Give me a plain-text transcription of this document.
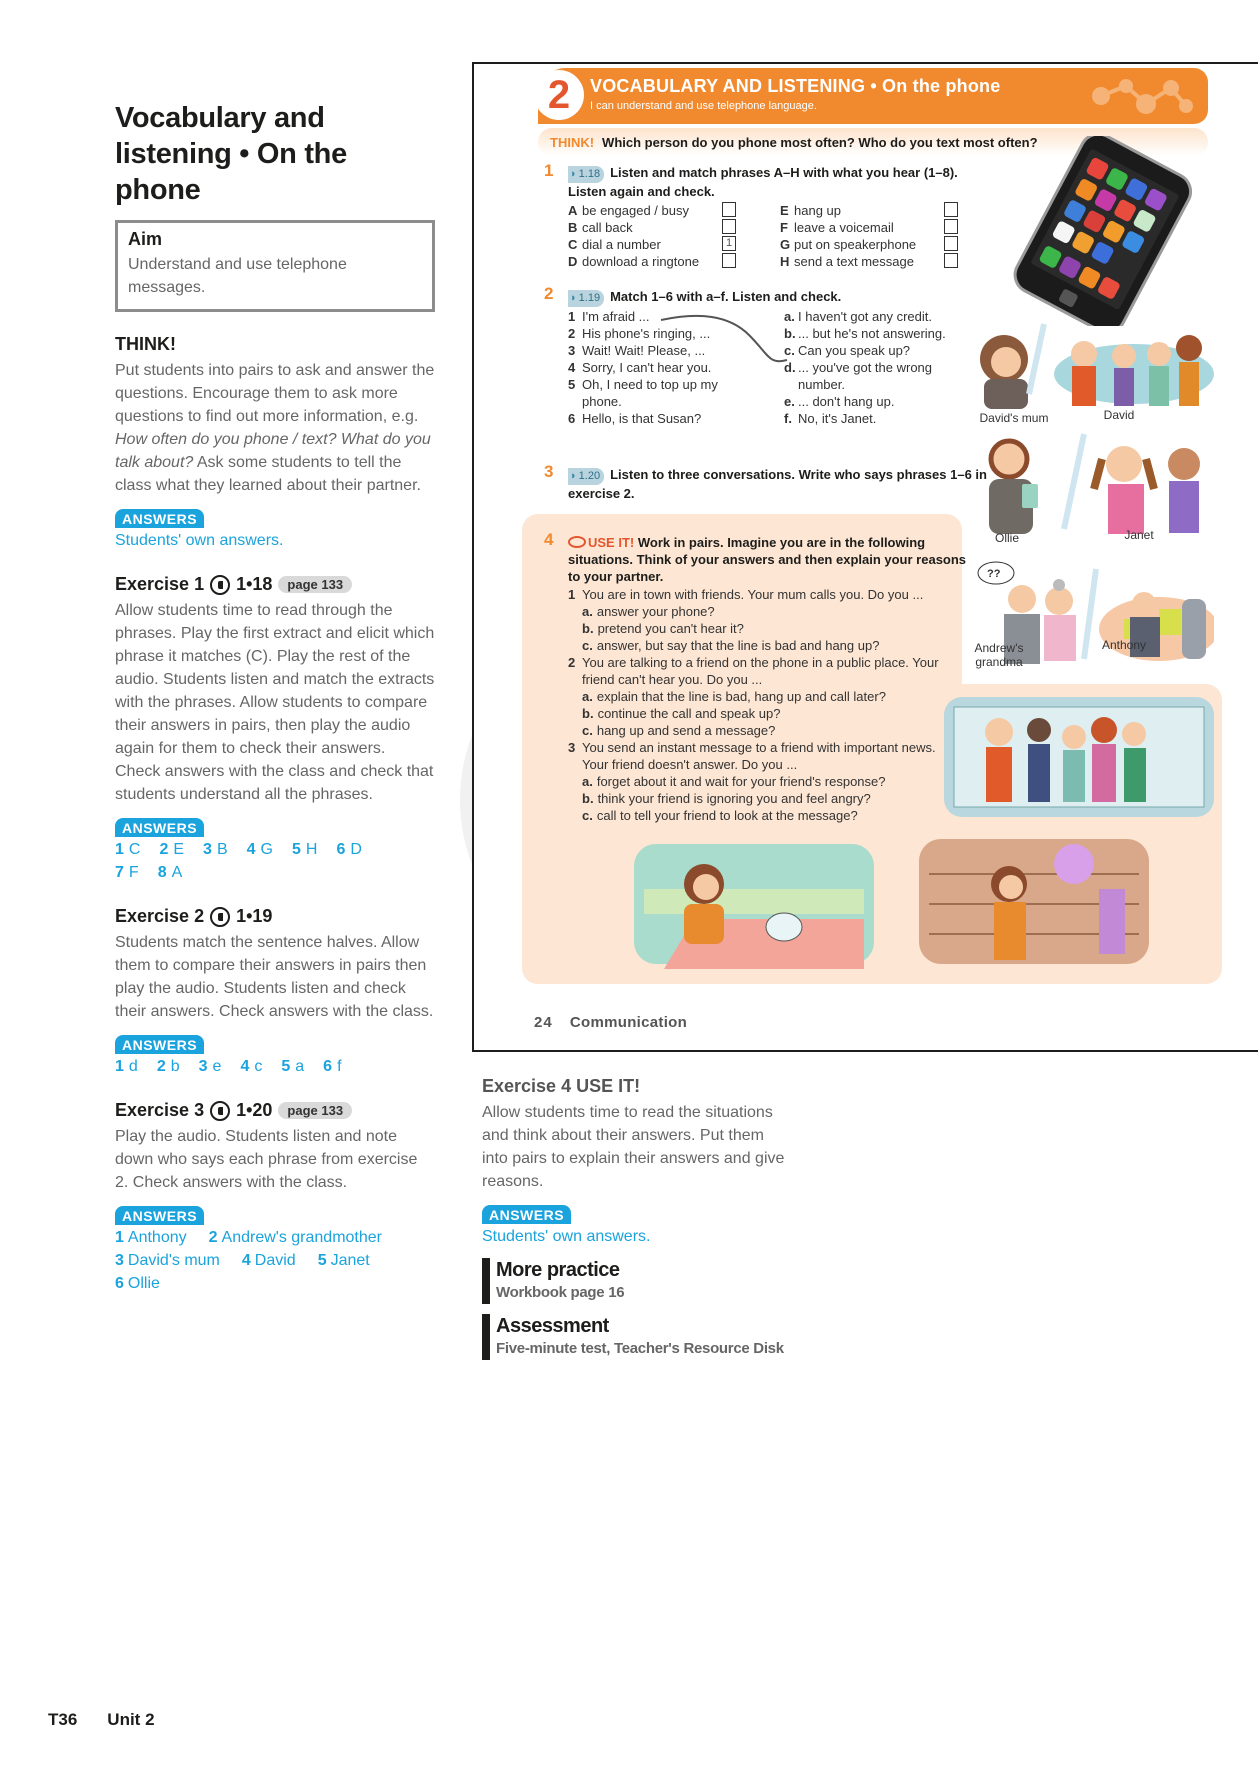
Vocabulary and listening • On the phone
Aim
Understand and use telephone messages.
THINK!
Put students into pairs to ask and answer the questions. Encourage them to ask more questions to find out more information, e.g. How often do you phone / text? What do you talk about? Ask some students to tell the class what they learned about their partner.
ANSWERS
Students' own answers.
Exercise 1 1•18	page 133
Allow students time to read through the phrases. Play the first extract and elicit which phrase it matches (C). Play the rest of the audio. Students listen and match the extracts with the phrases. Allow students to compare their answers in pairs, then play the audio again for them to check their answers. Check answers with the class and check that students understand all the phrases.
ANSWERS
1 C 2 E 3 B 4 G 5 H 6 D
7 F 8 A
Exercise 2 1•19
Students match the sentence halves. Allow them to compare their answers in pairs then play the audio. Students listen and check their answers. Check answers with the class.
ANSWERS
1 d 2 b 3 e 4 c 5 a 6 f
Exercise 3 1•20	page 133
Play the audio. Students listen and note down who says each phrase from exercise 2. Check answers with the class.
ANSWERS
1 Anthony 2 Andrew's grandmother
3 David's mum 4 David 5 Janet
6 Ollie
2	VOCABULARY AND LISTENING • On the phone
I can understand and use telephone language.
THINK! Which person do you phone most often? Who do you text most often?
1	◗ 1.18 Listen and match phrases A–H with what you hear (1–8). Listen again and check.
A be engaged / busy
B call back
C dial a number
D download a ringtone
E hang up
F leave a voicemail
G put on speakerphone
H send a text message
1
2	◗ 1.19 Match 1–6 with a–f. Listen and check.
1 I'm afraid ...
2 His phone's ringing, ...
3 Wait! Wait! Please, ...
4 Sorry, I can't hear you.
5 Oh, I need to top up my phone.
6 Hello, is that Susan?
a. I haven't got any credit.
b. ... but he's not answering.
c. Can you speak up?
d. ... you've got the wrong number.
e. ... don't hang up.
f. No, it's Janet.	David's mum	David
3	◗ 1.20 Listen to three conversations. Write who says phrases 1–6 in exercise 2.
Ollie	Janet
4	USE IT! Work in pairs. Imagine you are in the following situations. Think of your answers and then explain your reasons to your partner.
1 You are in town with friends. Your mum calls you. Do you ...
a. answer your phone?
b. pretend you can't hear it?
c. answer, but say that the line is bad and hang up?
2 You are talking to a friend on the phone in a public place. Your friend can't hear you. Do you ...
a. explain that the line is bad, hang up and call later?
b. continue the call and speak up?
c. hang up and send a message?
3 You send an instant message to a friend with important news. Your friend doesn't answer. Do you ...
a. forget about it and wait for your friend's response?
b. think your friend is ignoring you and feel angry?
c. call to tell your friend to look at the message?
??
Andrew's grandma
Anthony
24 Communication
Exercise 4 USE IT!
Allow students time to read the situations and think about their answers. Put them into pairs to explain their answers and give reasons.
ANSWERS
Students' own answers.
More practice
Workbook page 16
Assessment
Five-minute test, Teacher's Resource Disk
T36 Unit 2
